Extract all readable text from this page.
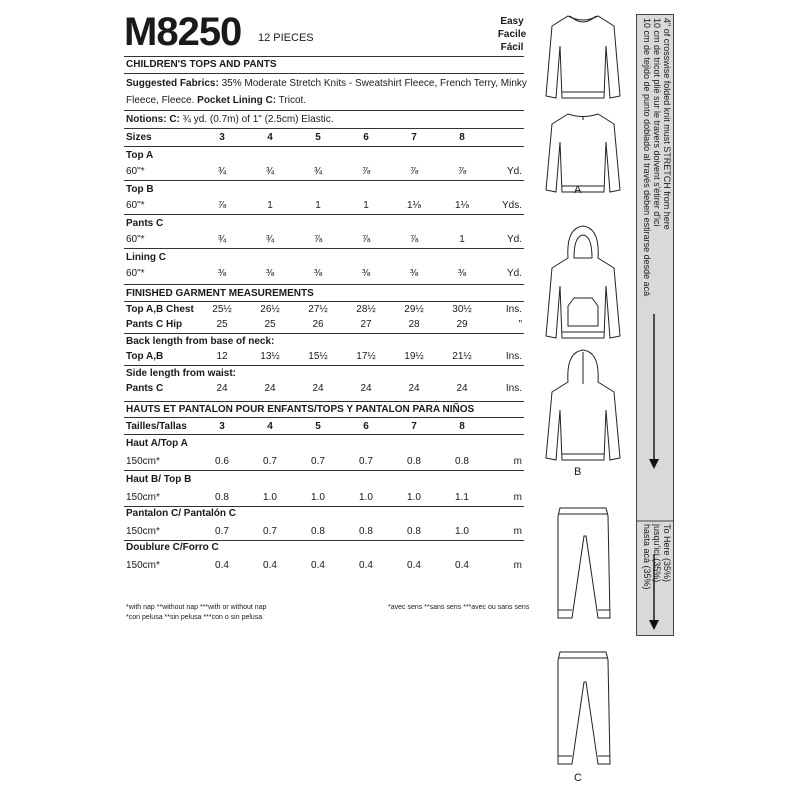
M8250 12 PIECES
Easy
Facile
Fácil
CHILDREN'S TOPS AND PANTS
Suggested Fabrics: 35% Moderate Stretch Knits - Sweatshirt Fleece, French Terry, Minky
Fleece, Fleece. Pocket Lining C: Tricot.
Notions: C: ¾ yd. (0.7m) of 1" (2.5cm) Elastic.
Sizes	3	4	5	6	7	8
Top A
60"*	¾	¾	¾	⅞	⅞	⅞	Yd.
Top B
60"*	⅞	1	1	1	1⅛	1⅛	Yds.
Pants C
60"*	¾	¾	⅞	⅞	⅞	1	Yd.
Lining C
60"*	⅜	⅜	⅜	⅜	⅜	⅜	Yd.
FINISHED GARMENT MEASUREMENTS
Top A,B Chest	25½	26½	27½	28½	29½	30½	Ins.
Pants C Hip	25	25	26	27	28	29	"
Back length from base of neck:
Top A,B	12	13½	15½	17½	19½	21½	Ins.
Side length from waist:
Pants C	24	24	24	24	24	24	Ins.
HAUTS ET PANTALON POUR ENFANTS/TOPS Y PANTALON PARA NIÑOS
Tailles/Tallas	3	4	5	6	7	8
Haut A/Top A
150cm*	0.6	0.7	0.7	0.7	0.8	0.8	m
Haut B/ Top B
150cm*	0.8	1.0	1.0	1.0	1.0	1.1	m
Pantalon C/ Pantalón C
150cm*	0.7	0.7	0.8	0.8	0.8	1.0	m
Doublure C/Forro C
150cm*	0.4	0.4	0.4	0.4	0.4	0.4	m
*with nap **without nap ***with or without nap
*con pelusa **sin pelusa ***con o sin pelusa
*avec sens **sans sens ***avec ou sans sens
4" of crosswise folded knit must STRETCH from here
10 cm de tricot plié sur le travers doivent s'étirer d'ici
10 cm de tejido de punto doblado al través deben estirarse desde acá
To Here (35%)
jusqu'ici (35%)
hasta acá (35%)
A
B
C
